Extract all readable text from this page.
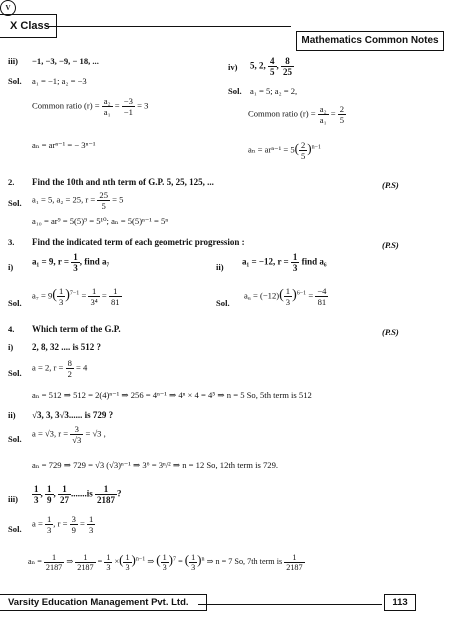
V
X Class
Mathematics Common Notes
iii) −1, −3, −9, − 18, ...
Sol. a₁ = −1; a₂ = −3
Common ratio $(r) = \frac{\text{a₂}}{\text{a₁}} = \frac{-3}{-1} = 3$
aₙ = arⁿ⁻¹ = − 3ⁿ⁻¹
iv) 5, 2, $\frac{4}{5}$ , $\frac{8}{25}$
Sol. a₁ = 5; a₂ = 2,
Common ratio $(r) = \frac{\text{a₂}}{\text{a₁}} = \frac{2}{5}$
$a_n = ar^{n-1} = 5( \frac{2}{5} )^{n-1}$
2. Find the 10th and nth term of G.P. 5, 25, 125, ...	(P.S)
Sol. a₁ = 5, a₂ = 25, $r = \frac{25}{5} = 5$
a₁₀ = ar⁹ = 5(5)⁹ = 5¹⁰; aₙ = 5(5)ⁿ⁻¹ = 5ⁿ
3. Find the indicated term of each geometric progression :	(P.S)
i)
a₁ = 9, $r = \frac{1}{3}$ , find a₇
ii)
a₁ = −12, $r = \frac{1}{3}$ find a₆
Sol.
$a_7 = 9( \frac{1}{3} )^{7-1} = \frac{1}{\text{3⁴}} = \frac{1}{81}$	Sol.
$a_6 = (-12)( \frac{1}{3} )^{6-1} = \frac{-4}{81}$
4. Which term of the G.P.	(P.S)
i) 2, 8, 32 .... is 512 ?
Sol.
a = 2, $r = \frac{8}{2} = 4$
aₙ = 512 ⇒ 512 = 2(4)ⁿ⁻¹ ⇒ 256 = 4ⁿ⁻¹ ⇒ 4ⁿ × 4 = 4⁵ ⇒ n = 5 So, 5th term is 512
ii) √3, 3, 3√3...... is 729 ?
Sol.
a = √3, $r = \frac{3}{√3} = √3$ ,
aₙ = 729 ⇒ 729 = √3 (√3)ⁿ⁻¹ ⇒ 3⁶ = 3ⁿ/² ⇒ n = 12 So, 12th term is 729.
$iii) \frac{1}{3}$ , $\frac{1}{9}$ , $\frac{1}{27} .......is \frac{1}{2187}$ ?
Sol.
$a = \frac{1}{3}$ , $r = \frac{3}{9} = \frac{1}{3}$
$a_n = \frac{1}{2187}$ ⇒ $\frac{1}{2187} = \frac{1}{3}$ ×( $\frac{1}{3} )^{n-1}$ ⇒ ( $\frac{1}{3} )^7$ = ( $\frac{1}{3} )^n$ ⇒ n = 7 So, 7th term is $\frac{1}{2187}$
Varsity Education Management Pvt. Ltd.	113
